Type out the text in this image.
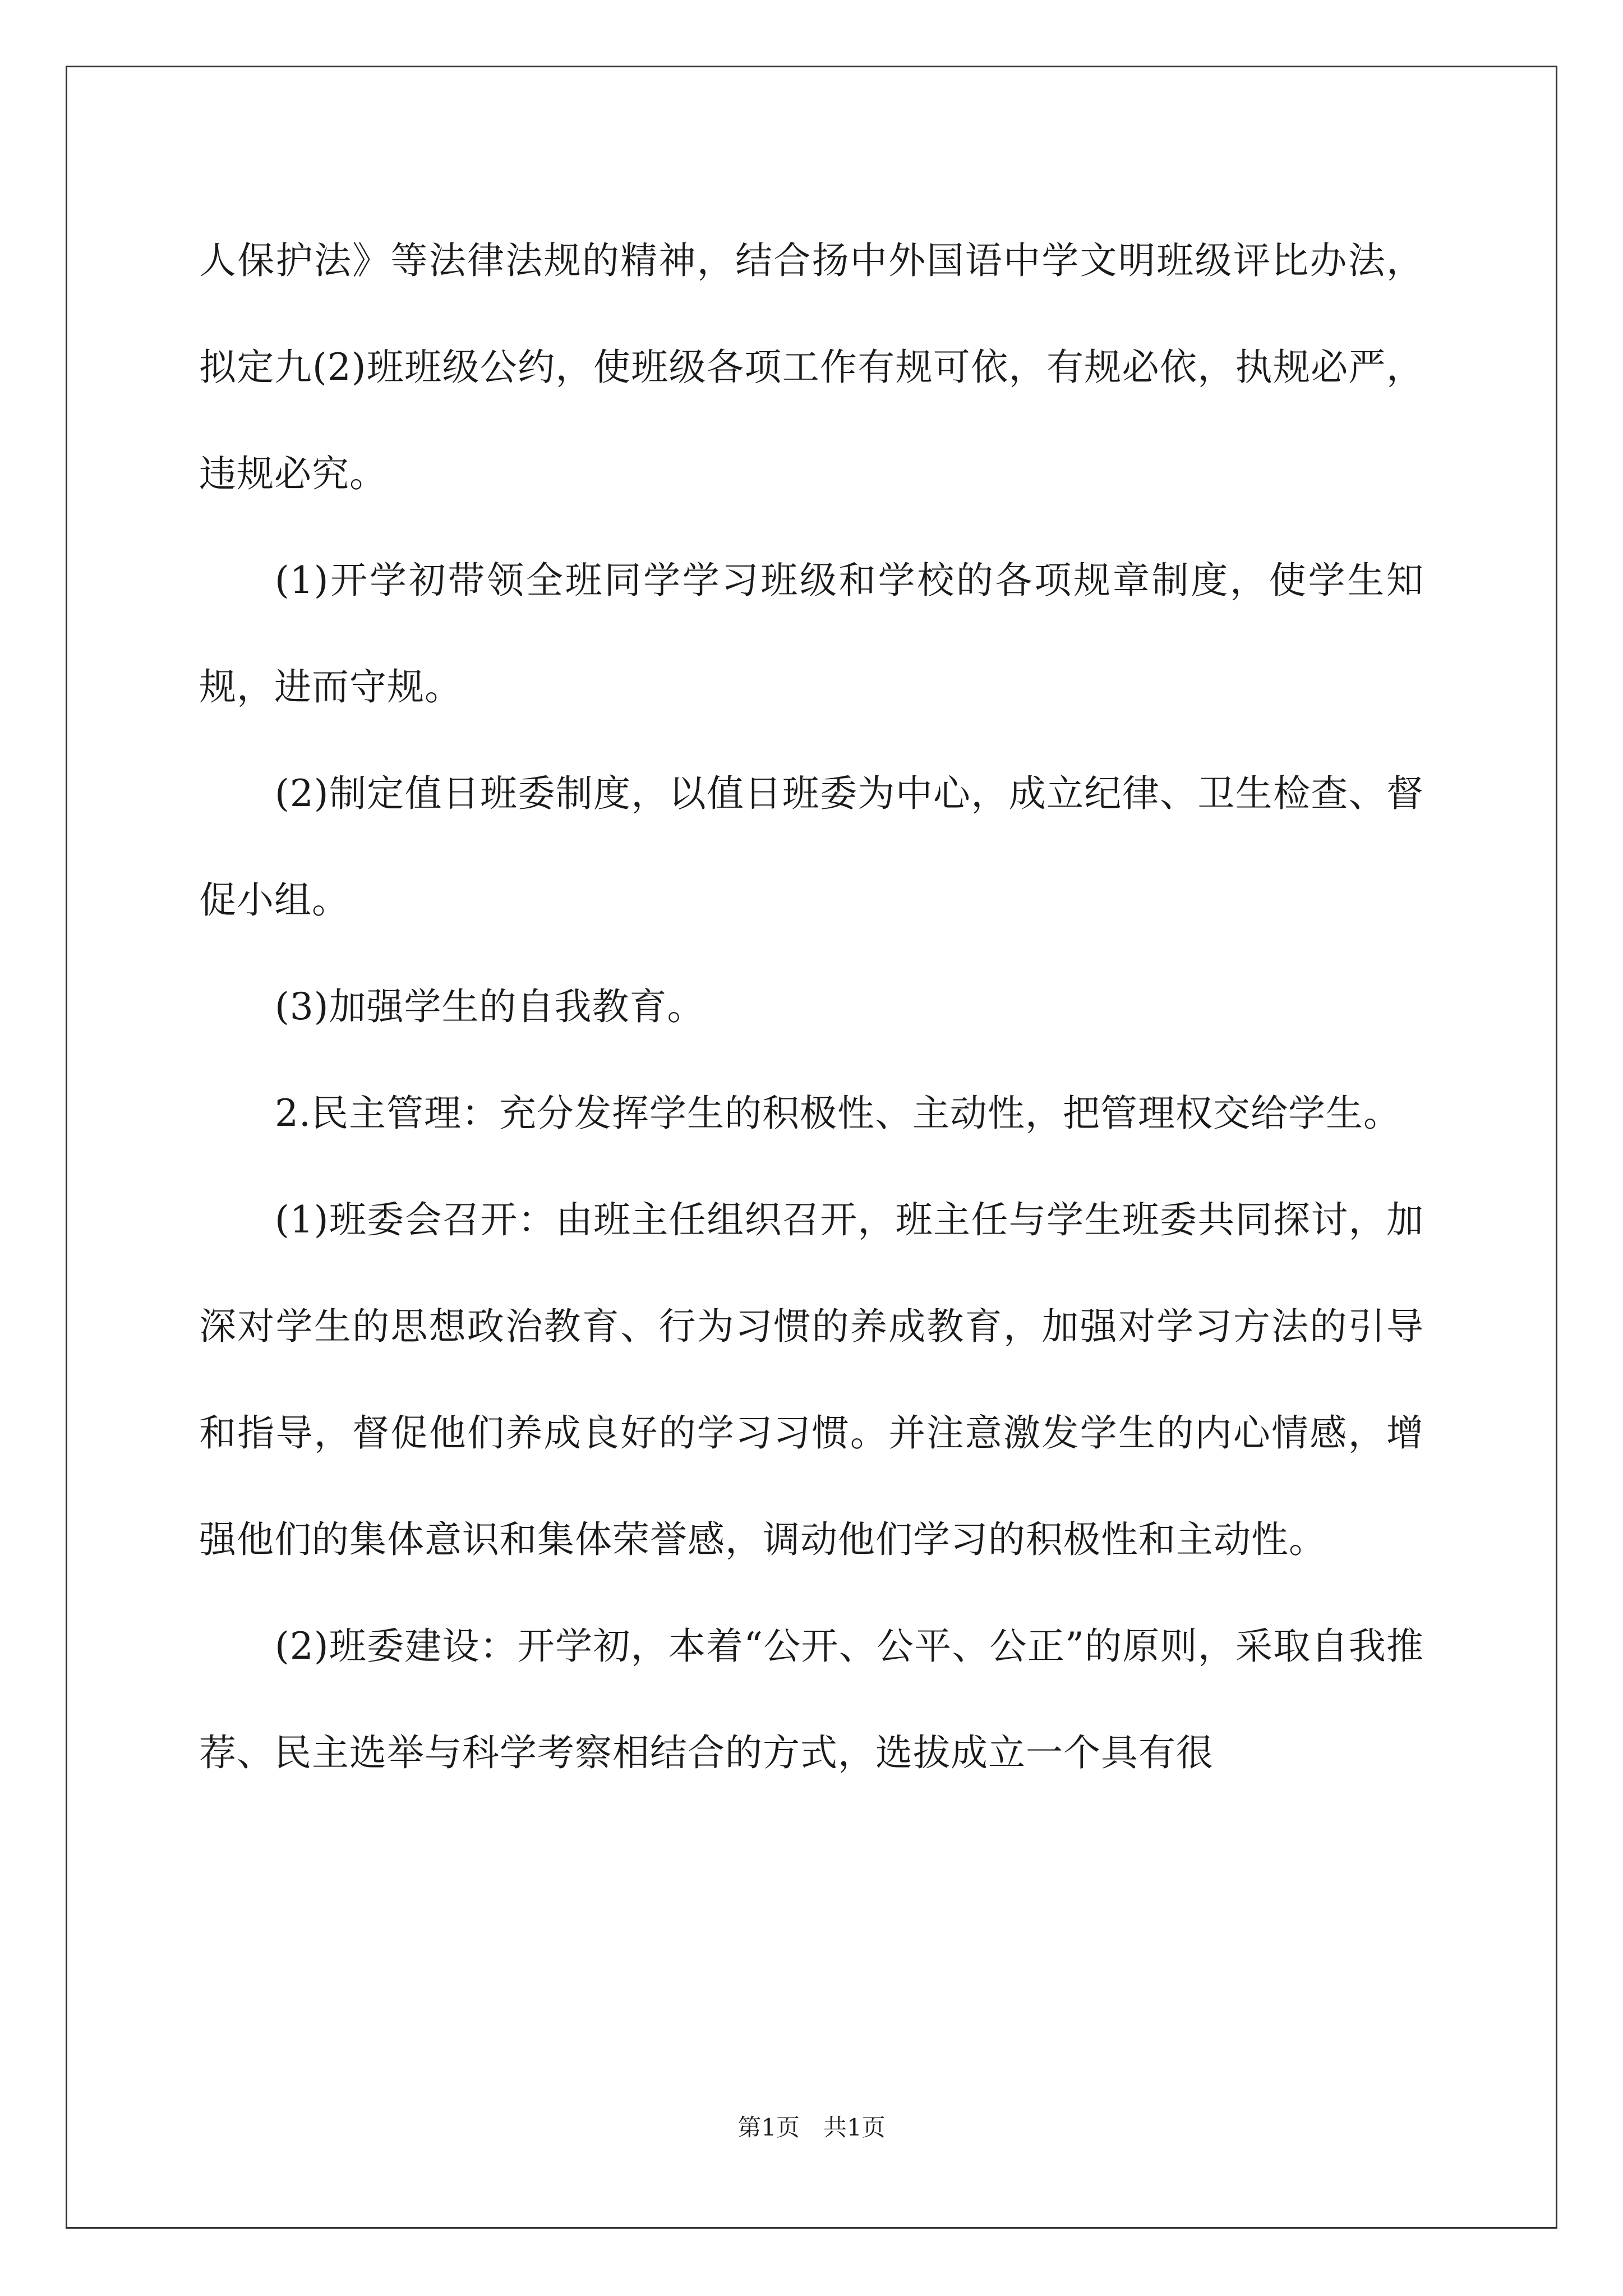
人保护法》等法律法规的精神，结合扬中外国语中学文明班级评比办法，拟定九(2)班班级公约，使班级各项工作有规可依，有规必依，执规必严，违规必究。

(1)开学初带领全班同学学习班级和学校的各项规章制度，使学生知规，进而守规。

(2)制定值日班委制度，以值日班委为中心，成立纪律、卫生检查、督促小组。

(3)加强学生的自我教育。

2.民主管理：充分发挥学生的积极性、主动性，把管理权交给学生。

(1)班委会召开：由班主任组织召开，班主任与学生班委共同探讨，加深对学生的思想政治教育、行为习惯的养成教育，加强对学习方法的引导和指导，督促他们养成良好的学习习惯。并注意激发学生的内心情感，增强他们的集体意识和集体荣誉感，调动他们学习的积极性和主动性。

(2)班委建设：开学初，本着“公开、公平、公正”的原则，采取自我推荐、民主选举与科学考察相结合的方式，选拔成立一个具有很

第1页　共1页
